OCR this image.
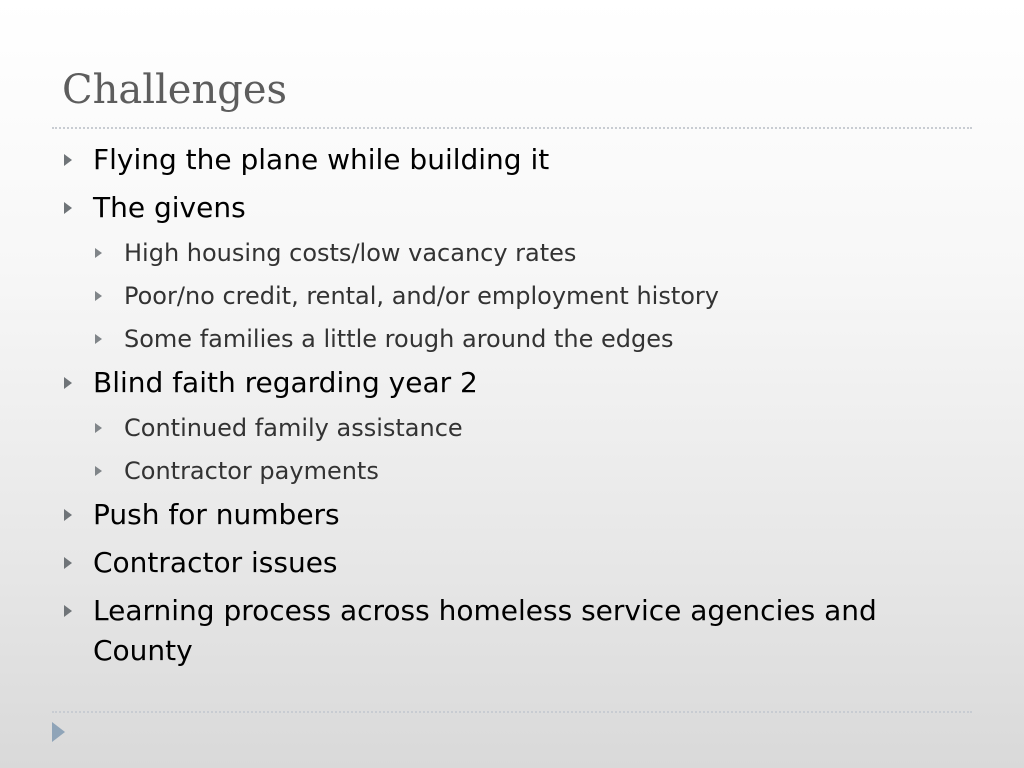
Challenges
Flying the plane while building it
The givens
High housing costs/low vacancy rates
Poor/no credit, rental, and/or employment history
Some families a little rough around the edges
Blind faith regarding year 2
Continued family assistance
Contractor payments
Push for numbers
Contractor issues
Learning process across homeless service agencies and County
